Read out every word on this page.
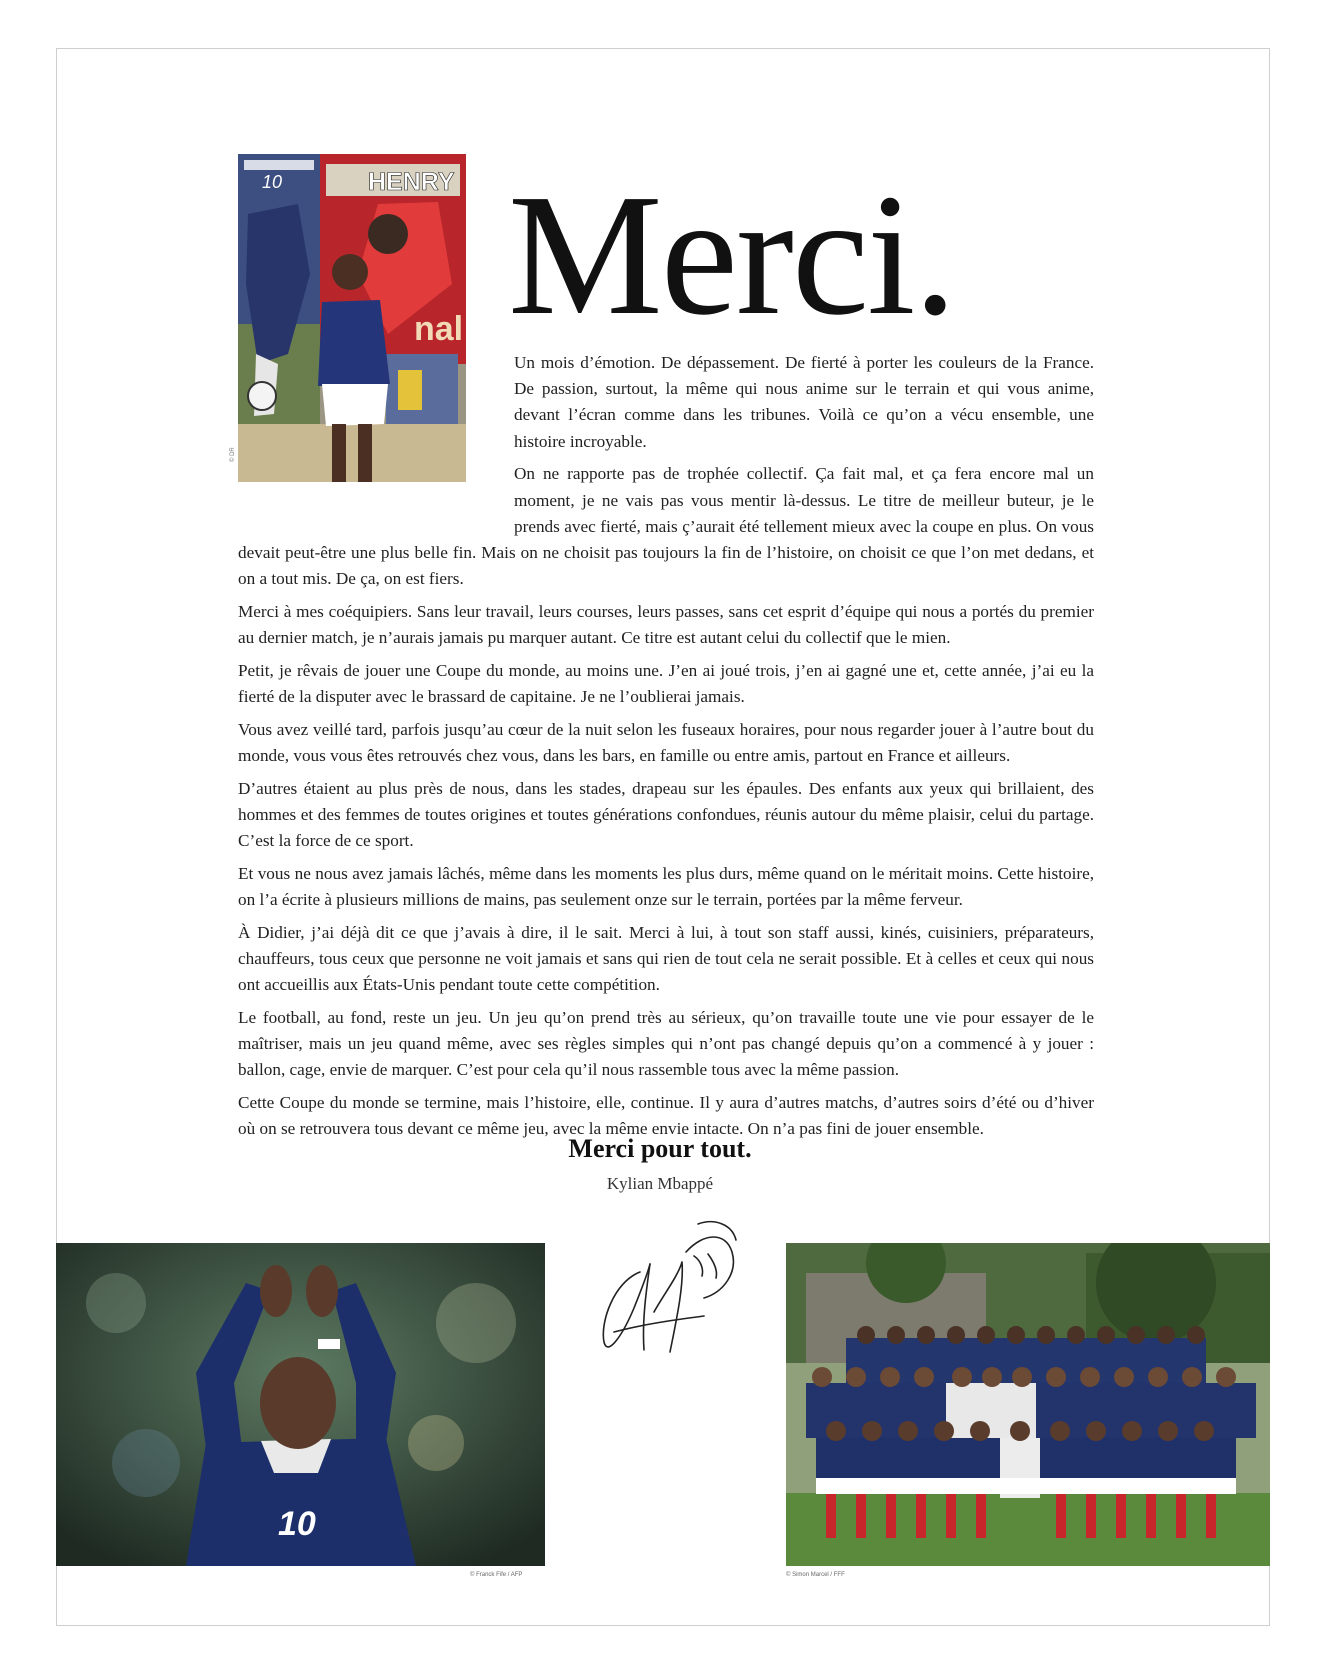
10	HENRY
nal
© DR
Merci.

Un mois d’émotion. De dépassement. De fierté à porter les couleurs de la France. De passion, surtout, la même qui nous anime sur le terrain et qui vous anime, devant l’écran comme dans les tribunes. Voilà ce qu’on a vécu ensemble, une histoire incroyable.

On ne rapporte pas de trophée collectif. Ça fait mal, et ça fera encore mal un moment, je ne vais pas vous mentir là-dessus. Le titre de meilleur buteur, je le prends avec fierté, mais ç’aurait été tellement mieux avec la coupe en plus. On vous devait peut-être une plus belle fin. Mais on ne choisit pas toujours la fin de l’histoire, on choisit ce que l’on met dedans, et on a tout mis. De ça, on est fiers.

Merci à mes coéquipiers. Sans leur travail, leurs courses, leurs passes, sans cet esprit d’équipe qui nous a portés du premier au dernier match, je n’aurais jamais pu marquer autant. Ce titre est autant celui du collectif que le mien.

Petit, je rêvais de jouer une Coupe du monde, au moins une. J’en ai joué trois, j’en ai gagné une et, cette année, j’ai eu la fierté de la disputer avec le brassard de capitaine. Je ne l’oublierai jamais.

Vous avez veillé tard, parfois jusqu’au cœur de la nuit selon les fuseaux horaires, pour nous regarder jouer à l’autre bout du monde, vous vous êtes retrouvés chez vous, dans les bars, en famille ou entre amis, partout en France et ailleurs.

D’autres étaient au plus près de nous, dans les stades, drapeau sur les épaules. Des enfants aux yeux qui brillaient, des hommes et des femmes de toutes origines et toutes générations confondues, réunis autour du même plaisir, celui du partage. C’est la force de ce sport.

Et vous ne nous avez jamais lâchés, même dans les moments les plus durs, même quand on le méritait moins. Cette histoire, on l’a écrite à plusieurs millions de mains, pas seulement onze sur le terrain, portées par la même ferveur.

À Didier, j’ai déjà dit ce que j’avais à dire, il le sait. Merci à lui, à tout son staff aussi, kinés, cuisiniers, préparateurs, chauffeurs, tous ceux que personne ne voit jamais et sans qui rien de tout cela ne serait possible. Et à celles et ceux qui nous ont accueillis aux États-Unis pendant toute cette compétition.

Le football, au fond, reste un jeu. Un jeu qu’on prend très au sérieux, qu’on travaille toute une vie pour essayer de le maîtriser, mais un jeu quand même, avec ses règles simples qui n’ont pas changé depuis qu’on a commencé à y jouer : ballon, cage, envie de marquer. C’est pour cela qu’il nous rassemble tous avec la même passion.

Cette Coupe du monde se termine, mais l’histoire, elle, continue. Il y aura d’autres matchs, d’autres soirs d’été ou d’hiver où on se retrouvera tous devant ce même jeu, avec la même envie intacte. On n’a pas fini de jouer ensemble.

Merci pour tout.
Kylian Mbappé
10
© Franck Fife / AFP	© Simon Marcel / FFF
